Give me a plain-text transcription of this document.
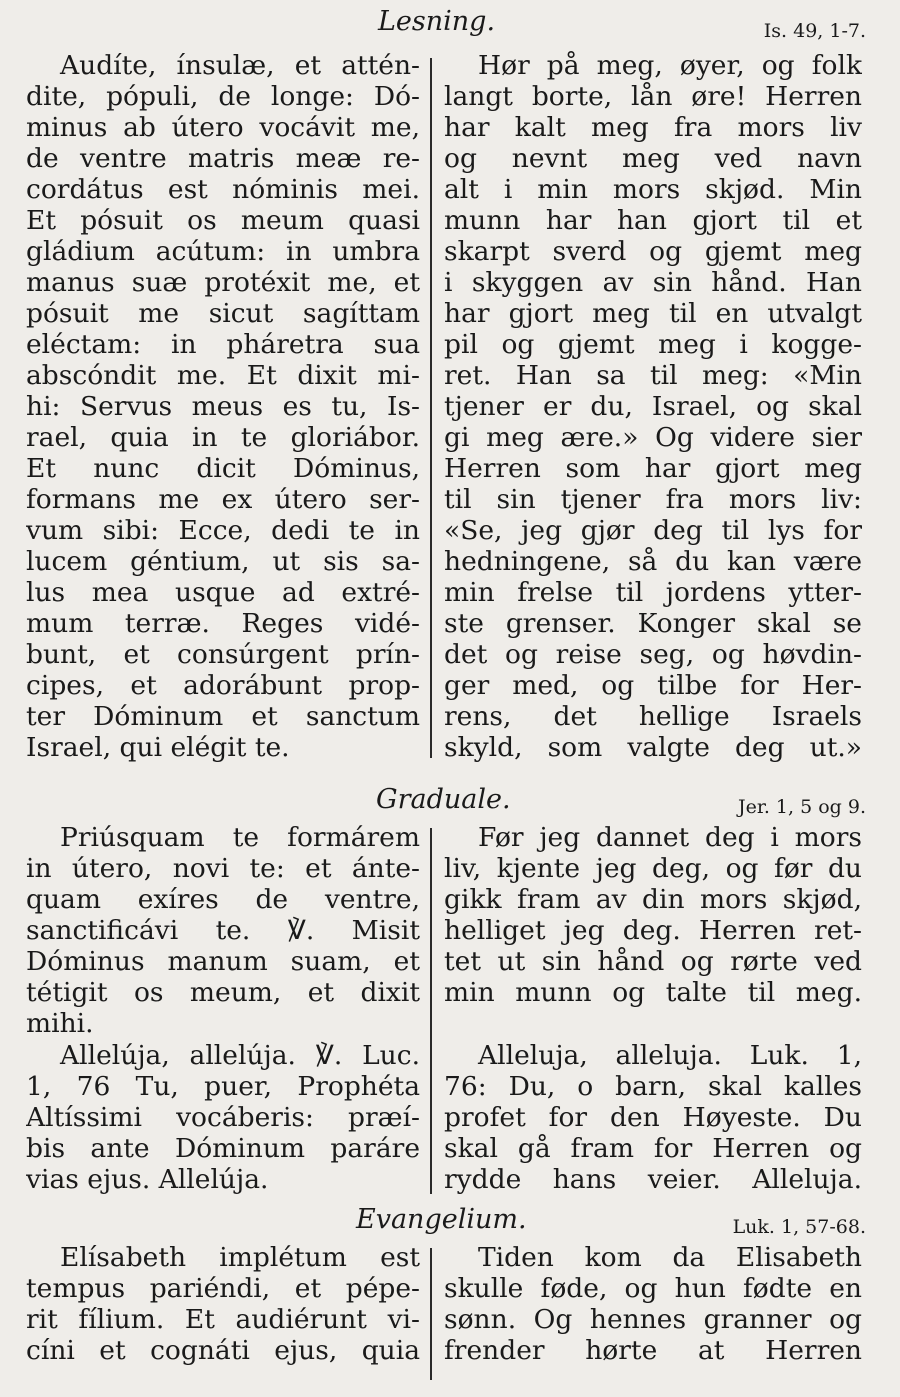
Lesning.	Is. 49, 1-7.
Audíte, ínsulæ, et attén-
dite, pópuli, de longe: Dó-
minus ab útero vocávit me,
de ventre matris meæ re-
cordátus est nóminis mei.
Et pósuit os meum quasi
gládium acútum: in umbra
manus suæ protéxit me, et
pósuit me sicut sagíttam
eléctam: in pháretra sua
abscóndit me. Et dixit mi-
hi: Servus meus es tu, Is-
rael, quia in te gloriábor.
Et nunc dicit Dóminus,
formans me ex útero ser-
vum sibi: Ecce, dedi te in
lucem géntium, ut sis sa-
lus mea usque ad extré-
mum terræ. Reges vidé-
bunt, et consúrgent prín-
cipes, et adorábunt prop-
ter Dóminum et sanctum
Israel, qui elégit te.
Hør på meg, øyer, og folk
langt borte, lån øre! Herren
har kalt meg fra mors liv
og nevnt meg ved navn
alt i min mors skjød. Min
munn har han gjort til et
skarpt sverd og gjemt meg
i skyggen av sin hånd. Han
har gjort meg til en utvalgt
pil og gjemt meg i kogge-
ret. Han sa til meg: «Min
tjener er du, Israel, og skal
gi meg ære.» Og videre sier
Herren som har gjort meg
til sin tjener fra mors liv:
«Se, jeg gjør deg til lys for
hedningene, så du kan være
min frelse til jordens ytter-
ste grenser. Konger skal se
det og reise seg, og høvdin-
ger med, og tilbe for Her-
rens, det hellige Israels
skyld, som valgte deg ut.»
Graduale.	Jer. 1, 5 og 9.
Priúsquam te formárem
in útero, novi te: et ánte-
quam exíres de ventre,
sanctificávi te. ℣. Misit
Dóminus manum suam, et
tétigit os meum, et dixit
mihi.
Før jeg dannet deg i mors
liv, kjente jeg deg, og før du
gikk fram av din mors skjød,
helliget jeg deg. Herren ret-
tet ut sin hånd og rørte ved
min munn og talte til meg.
Allelúja, allelúja. ℣. Luc.
1, 76 Tu, puer, Prophéta
Altíssimi vocáberis: præí-
bis ante Dóminum paráre
vias ejus. Allelúja.
Alleluja, alleluja. Luk. 1,
76: Du, o barn, skal kalles
profet for den Høyeste. Du
skal gå fram for Herren og
rydde hans veier. Alleluja.
Evangelium.	Luk. 1, 57-68.
Elísabeth implétum est
tempus pariéndi, et pépe-
rit fílium. Et audiérunt vi-
cíni et cognáti ejus, quia
Tiden kom da Elisabeth
skulle føde, og hun fødte en
sønn. Og hennes granner og
frender hørte at Herren
